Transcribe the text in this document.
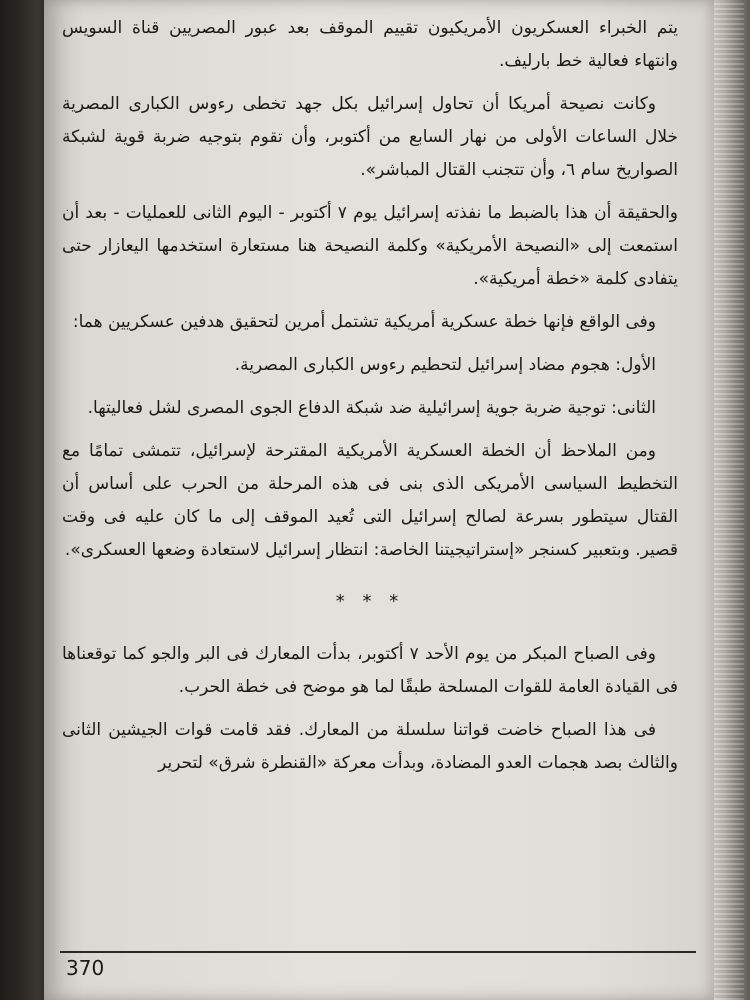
يتم الخبراء العسكريون الأمريكيون تقييم الموقف بعد عبور المصريين قناة السويس وانتهاء فعالية خط بارليف.

وكانت نصيحة أمريكا أن تحاول إسرائيل بكل جهد تخطى رءوس الكبارى المصرية خلال الساعات الأولى من نهار السابع من أكتوبر، وأن تقوم بتوجيه ضربة قوية لشبكة الصواريخ سام ٦، وأن تتجنب القتال المباشر».

والحقيقة أن هذا بالضبط ما نفذته إسرائيل يوم ٧ أكتوبر - اليوم الثانى للعمليات - بعد أن استمعت إلى «النصيحة الأمريكية» وكلمة النصيحة هنا مستعارة استخدمها اليعازار حتى يتفادى كلمة «خطة أمريكية».

وفى الواقع فإنها خطة عسكرية أمريكية تشتمل أمرين لتحقيق هدفين عسكريين هما:

الأول: هجوم مضاد إسرائيل لتحطيم رءوس الكبارى المصرية.

الثانى: توجية ضربة جوية إسرائيلية ضد شبكة الدفاع الجوى المصرى لشل فعاليتها.

ومن الملاحظ أن الخطة العسكرية الأمريكية المقترحة لإسرائيل، تتمشى تمامًا مع التخطيط السياسى الأمريكى الذى بنى فى هذه المرحلة من الحرب على أساس أن القتال سيتطور بسرعة لصالح إسرائيل التى تُعيد الموقف إلى ما كان عليه فى وقت قصير. وبتعبير كسنجر «إستراتيجيتنا الخاصة: انتظار إسرائيل لاستعادة وضعها العسكرى».

* * *

وفى الصباح المبكر من يوم الأحد ٧ أكتوبر، بدأت المعارك فى البر والجو كما توقعناها فى القيادة العامة للقوات المسلحة طبقًا لما هو موضح فى خطة الحرب.

فى هذا الصباح خاضت قواتنا سلسلة من المعارك. فقد قامت قوات الجيشين الثانى والثالث بصد هجمات العدو المضادة، وبدأت معركة «القنطرة شرق» لتحرير

370
